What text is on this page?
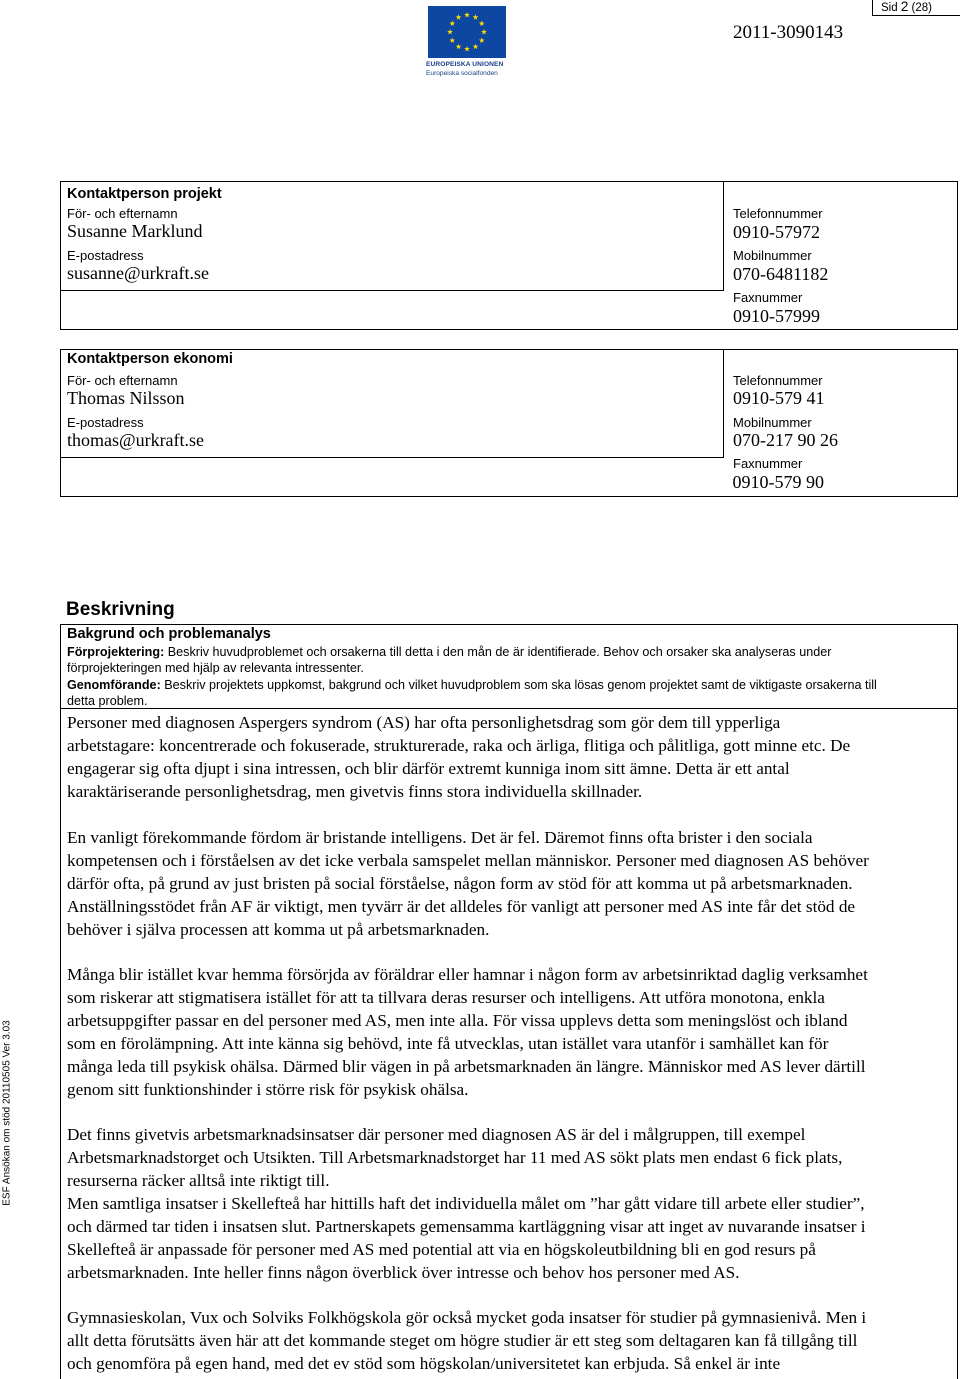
Sid 2 (28)
EUROPEISKA UNIONEN
Europeiska socialfonden
2011-3090143
Kontaktperson projekt
För- och efternamn
Susanne Marklund
E-postadress
susanne@urkraft.se
Telefonnummer
0910-57972
Mobilnummer
070-6481182
Faxnummer
0910-57999
Kontaktperson ekonomi
För- och efternamn
Thomas Nilsson
E-postadress
thomas@urkraft.se
Telefonnummer
0910-579 41
Mobilnummer
070-217 90 26
Faxnummer
0910-579 90
Beskrivning
Bakgrund och problemanalys
Förprojektering: Beskriv huvudproblemet och orsakerna till detta i den mån de är identifierade. Behov och orsaker ska analyseras under
förprojekteringen med hjälp av relevanta intressenter.
Genomförande: Beskriv projektets uppkomst, bakgrund och vilket huvudproblem som ska lösas genom projektet samt de viktigaste orsakerna till
detta problem.
Personer med diagnosen Aspergers syndrom (AS) har ofta personlighetsdrag som gör dem till ypperliga
arbetstagare: koncentrerade och fokuserade, strukturerade, raka och ärliga, flitiga och pålitliga, gott minne etc. De
engagerar sig ofta djupt i sina intressen, och blir därför extremt kunniga inom sitt ämne. Detta är ett antal
karaktäriserande personlighetsdrag, men givetvis finns stora individuella skillnader.
En vanligt förekommande fördom är bristande intelligens. Det är fel. Däremot finns ofta brister i den sociala
kompetensen och i förståelsen av det icke verbala samspelet mellan människor. Personer med diagnosen AS behöver
därför ofta, på grund av just bristen på social förståelse, någon form av stöd för att komma ut på arbetsmarknaden.
Anställningsstödet från AF är viktigt, men tyvärr är det alldeles för vanligt att personer med AS inte får det stöd de
behöver i själva processen att komma ut på arbetsmarknaden.
Många blir istället kvar hemma försörjda av föräldrar eller hamnar i någon form av arbetsinriktad daglig verksamhet
som riskerar att stigmatisera istället för att ta tillvara deras resurser och intelligens. Att utföra monotona, enkla
arbetsuppgifter passar en del personer med AS, men inte alla. För vissa upplevs detta som meningslöst och ibland
som en förolämpning. Att inte känna sig behövd, inte få utvecklas, utan istället vara utanför i samhället kan för
många leda till psykisk ohälsa. Därmed blir vägen in på arbetsmarknaden än längre. Människor med AS lever därtill
genom sitt funktionshinder i större risk för psykisk ohälsa.
Det finns givetvis arbetsmarknadsinsatser där personer med diagnosen AS är del i målgruppen, till exempel
Arbetsmarknadstorget och Utsikten. Till Arbetsmarknadstorget har 11 med AS sökt plats men endast 6 fick plats,
resurserna räcker alltså inte riktigt till.
Men samtliga insatser i Skellefteå har hittills haft det individuella målet om ”har gått vidare till arbete eller studier”,
och därmed tar tiden i insatsen slut. Partnerskapets gemensamma kartläggning visar att inget av nuvarande insatser i
Skellefteå är anpassade för personer med AS med potential att via en högskoleutbildning bli en god resurs på
arbetsmarknaden. Inte heller finns någon överblick över intresse och behov hos personer med AS.
Gymnasieskolan, Vux och Solviks Folkhögskola gör också mycket goda insatser för studier på gymnasienivå. Men i
allt detta förutsätts även här att det kommande steget om högre studier är ett steg som deltagaren kan få tillgång till
och genomföra på egen hand, med det ev stöd som högskolan/universitetet kan erbjuda. Så enkel är inte
ESF Ansökan om stöd 20110505 Ver 3.03
